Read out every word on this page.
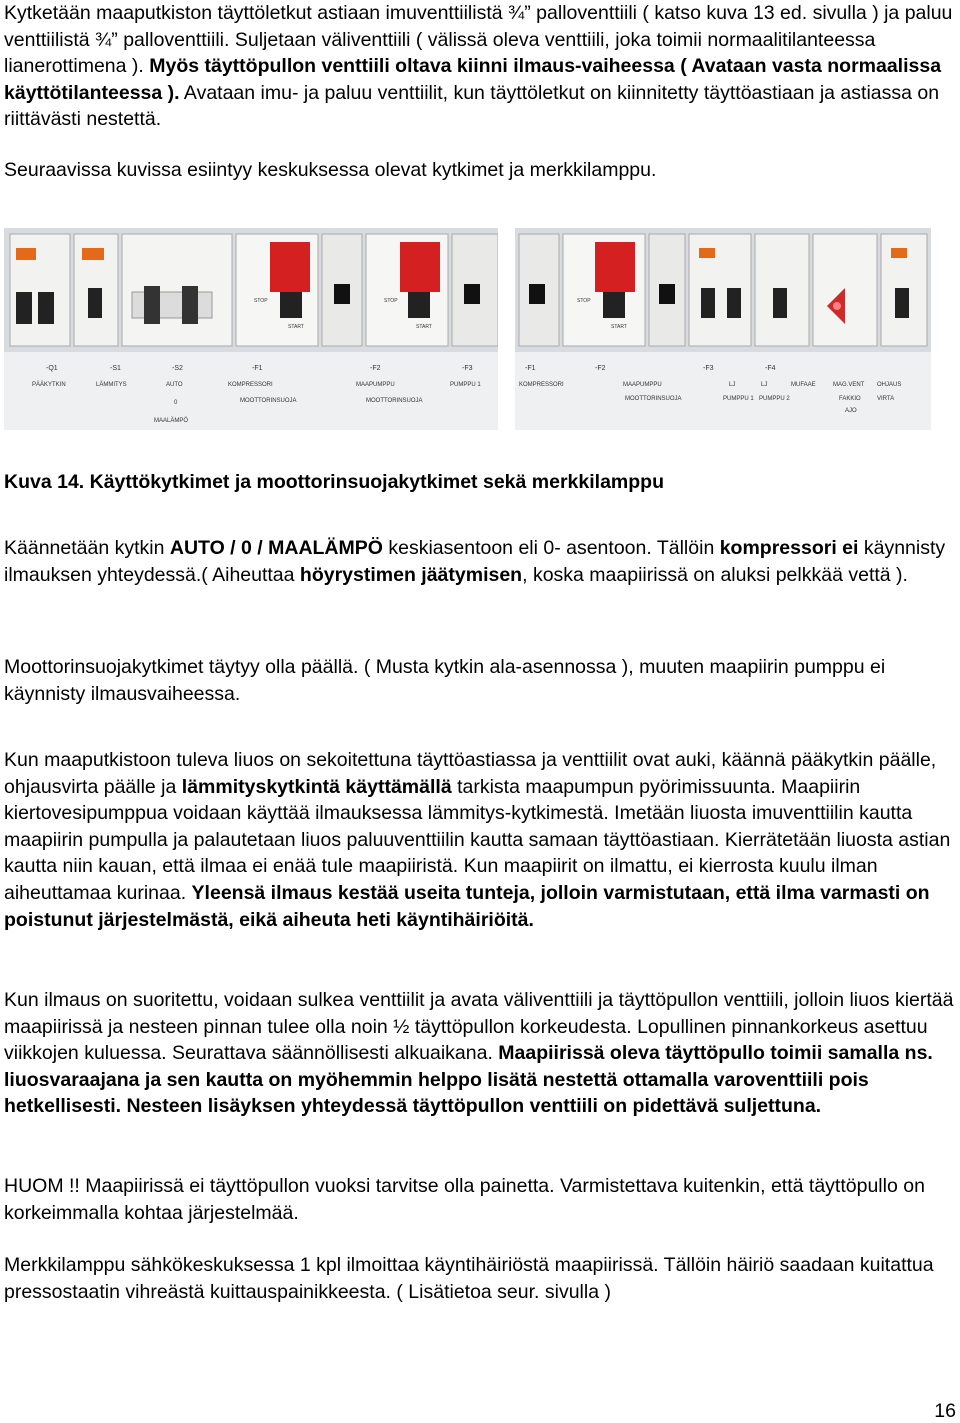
Kytketään maaputkiston täyttöletkut astiaan imuventtiilistä ¾” palloventtiili ( katso kuva 13 ed. sivulla ) ja paluu venttiilistä ¾” palloventtiili. Suljetaan väliventtiili ( välissä oleva venttiili, joka toimii normaalitilanteessa lianerottimena ). Myös täyttöpullon venttiili oltava kiinni ilmaus-vaiheessa ( Avataan vasta normaalissa käyttötilanteessa ). Avataan imu- ja paluu venttiilit, kun täyttöletkut on kiinnitetty täyttöastiaan ja astiassa on riittävästi nestettä.

Seuraavissa kuvissa esiintyy keskuksessa olevat kytkimet ja merkkilamppu.

-Q1	-S1	-S2	-F1	-F2	-F3
PÄÄKYTKIN	LÄMMITYS	AUTO	KOMPRESSORI	MAAPUMPPU	PUMPPU 1
0
MAALÄMPÖ
MOOTTORINSUOJA	MOOTTORINSUOJA
STOP
START
STOP
START
-F1	-F2	-F3	-F4
KOMPRESSORI	MAAPUMPPU	LJ	LJ	MUFAAE	MAG.VENT OHJAUS
MOOTTORINSUOJA	PUMPPU 1 PUMPPU 2	FAKKIO	VIRTA
AJO
STOP
START

Kuva 14. Käyttökytkimet ja moottorinsuojakytkimet sekä merkkilamppu

Käännetään kytkin AUTO / 0 / MAALÄMPÖ keskiasentoon eli 0- asentoon. Tällöin kompressori ei käynnisty ilmauksen yhteydessä.( Aiheuttaa höyrystimen jäätymisen, koska maapiirissä on aluksi pelkkää vettä ).

Moottorinsuojakytkimet täytyy olla päällä. ( Musta kytkin ala-asennossa ), muuten maapiirin pumppu ei käynnisty ilmausvaiheessa.

Kun maaputkistoon tuleva liuos on sekoitettuna täyttöastiassa ja venttiilit ovat auki, käännä pääkytkin päälle, ohjausvirta päälle ja lämmityskytkintä käyttämällä tarkista maapumpun pyörimissuunta. Maapiirin kiertovesipumppua voidaan käyttää ilmauksessa lämmitys-kytkimestä. Imetään liuosta imuventtiilin kautta maapiirin pumpulla ja palautetaan liuos paluuventtiilin kautta samaan täyttöastiaan. Kierrätetään liuosta astian kautta niin kauan, että ilmaa ei enää tule maapiiristä. Kun maapiirit on ilmattu, ei kierrosta kuulu ilman aiheuttamaa kurinaa. Yleensä ilmaus kestää useita tunteja, jolloin varmistutaan, että ilma varmasti on poistunut järjestelmästä, eikä aiheuta heti käyntihäiriöitä.

Kun ilmaus on suoritettu, voidaan sulkea venttiilit ja avata väliventtiili ja täyttöpullon venttiili, jolloin liuos kiertää maapiirissä ja nesteen pinnan tulee olla noin ½ täyttöpullon korkeudesta. Lopullinen pinnankorkeus asettuu viikkojen kuluessa. Seurattava säännöllisesti alkuaikana. Maapiirissä oleva täyttöpullo toimii samalla ns. liuosvaraajana ja sen kautta on myöhemmin helppo lisätä nestettä ottamalla varoventtiili pois hetkellisesti. Nesteen lisäyksen yhteydessä täyttöpullon venttiili on pidettävä suljettuna.

HUOM !! Maapiirissä ei täyttöpullon vuoksi tarvitse olla painetta. Varmistettava kuitenkin, että täyttöpullo on korkeimmalla kohtaa järjestelmää.

Merkkilamppu sähkökeskuksessa 1 kpl ilmoittaa käyntihäiriöstä maapiirissä. Tällöin häiriö saadaan kuitattua pressostaatin vihreästä kuittauspainikkeesta. ( Lisätietoa seur. sivulla )

16
